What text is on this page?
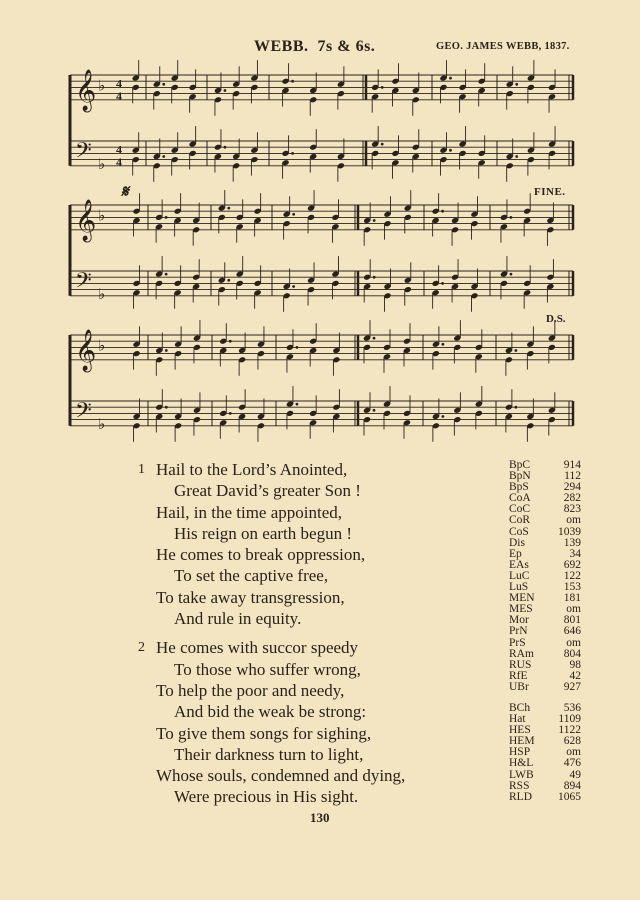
WEBB. 7s & 6s.	GEO. JAMES WEBB, 1837.
𝄞 ♭ 4
4
𝄢 ♭
4
4
𝄞 ♭
𝄢 ♭
𝄞 ♭
𝄢 ♭
𝄋	FINE.
D.S.
1 Hail to the Lord’s Anointed,
Great David’s greater Son !
Hail, in the time appointed,
His reign on earth begun !
He comes to break oppression,
To set the captive free,
To take away transgression,
And rule in equity.
2 He comes with succor speedy
To those who suffer wrong,
To help the poor and needy,
And bid the weak be strong:
To give them songs for sighing,
Their darkness turn to light,
Whose souls, condemned and dying,
Were precious in His sight.
BpC	914
BpN	112
BpS	294
CoA	282
CoC	823
CoR	om
CoS	1039
Dis	139
Ep	34
EAs	692
LuC	122
LuS	153
MEN	181
MES	om
Mor	801
PrN	646
PrS	om
RAm	804
RUS	98
RfE	42
UBr	927
BCh	536
Hat	1109
HES 1122
HEM	628
HSP	om
H&L	476
LWB	49
RSS	894
RLD 1065
130
